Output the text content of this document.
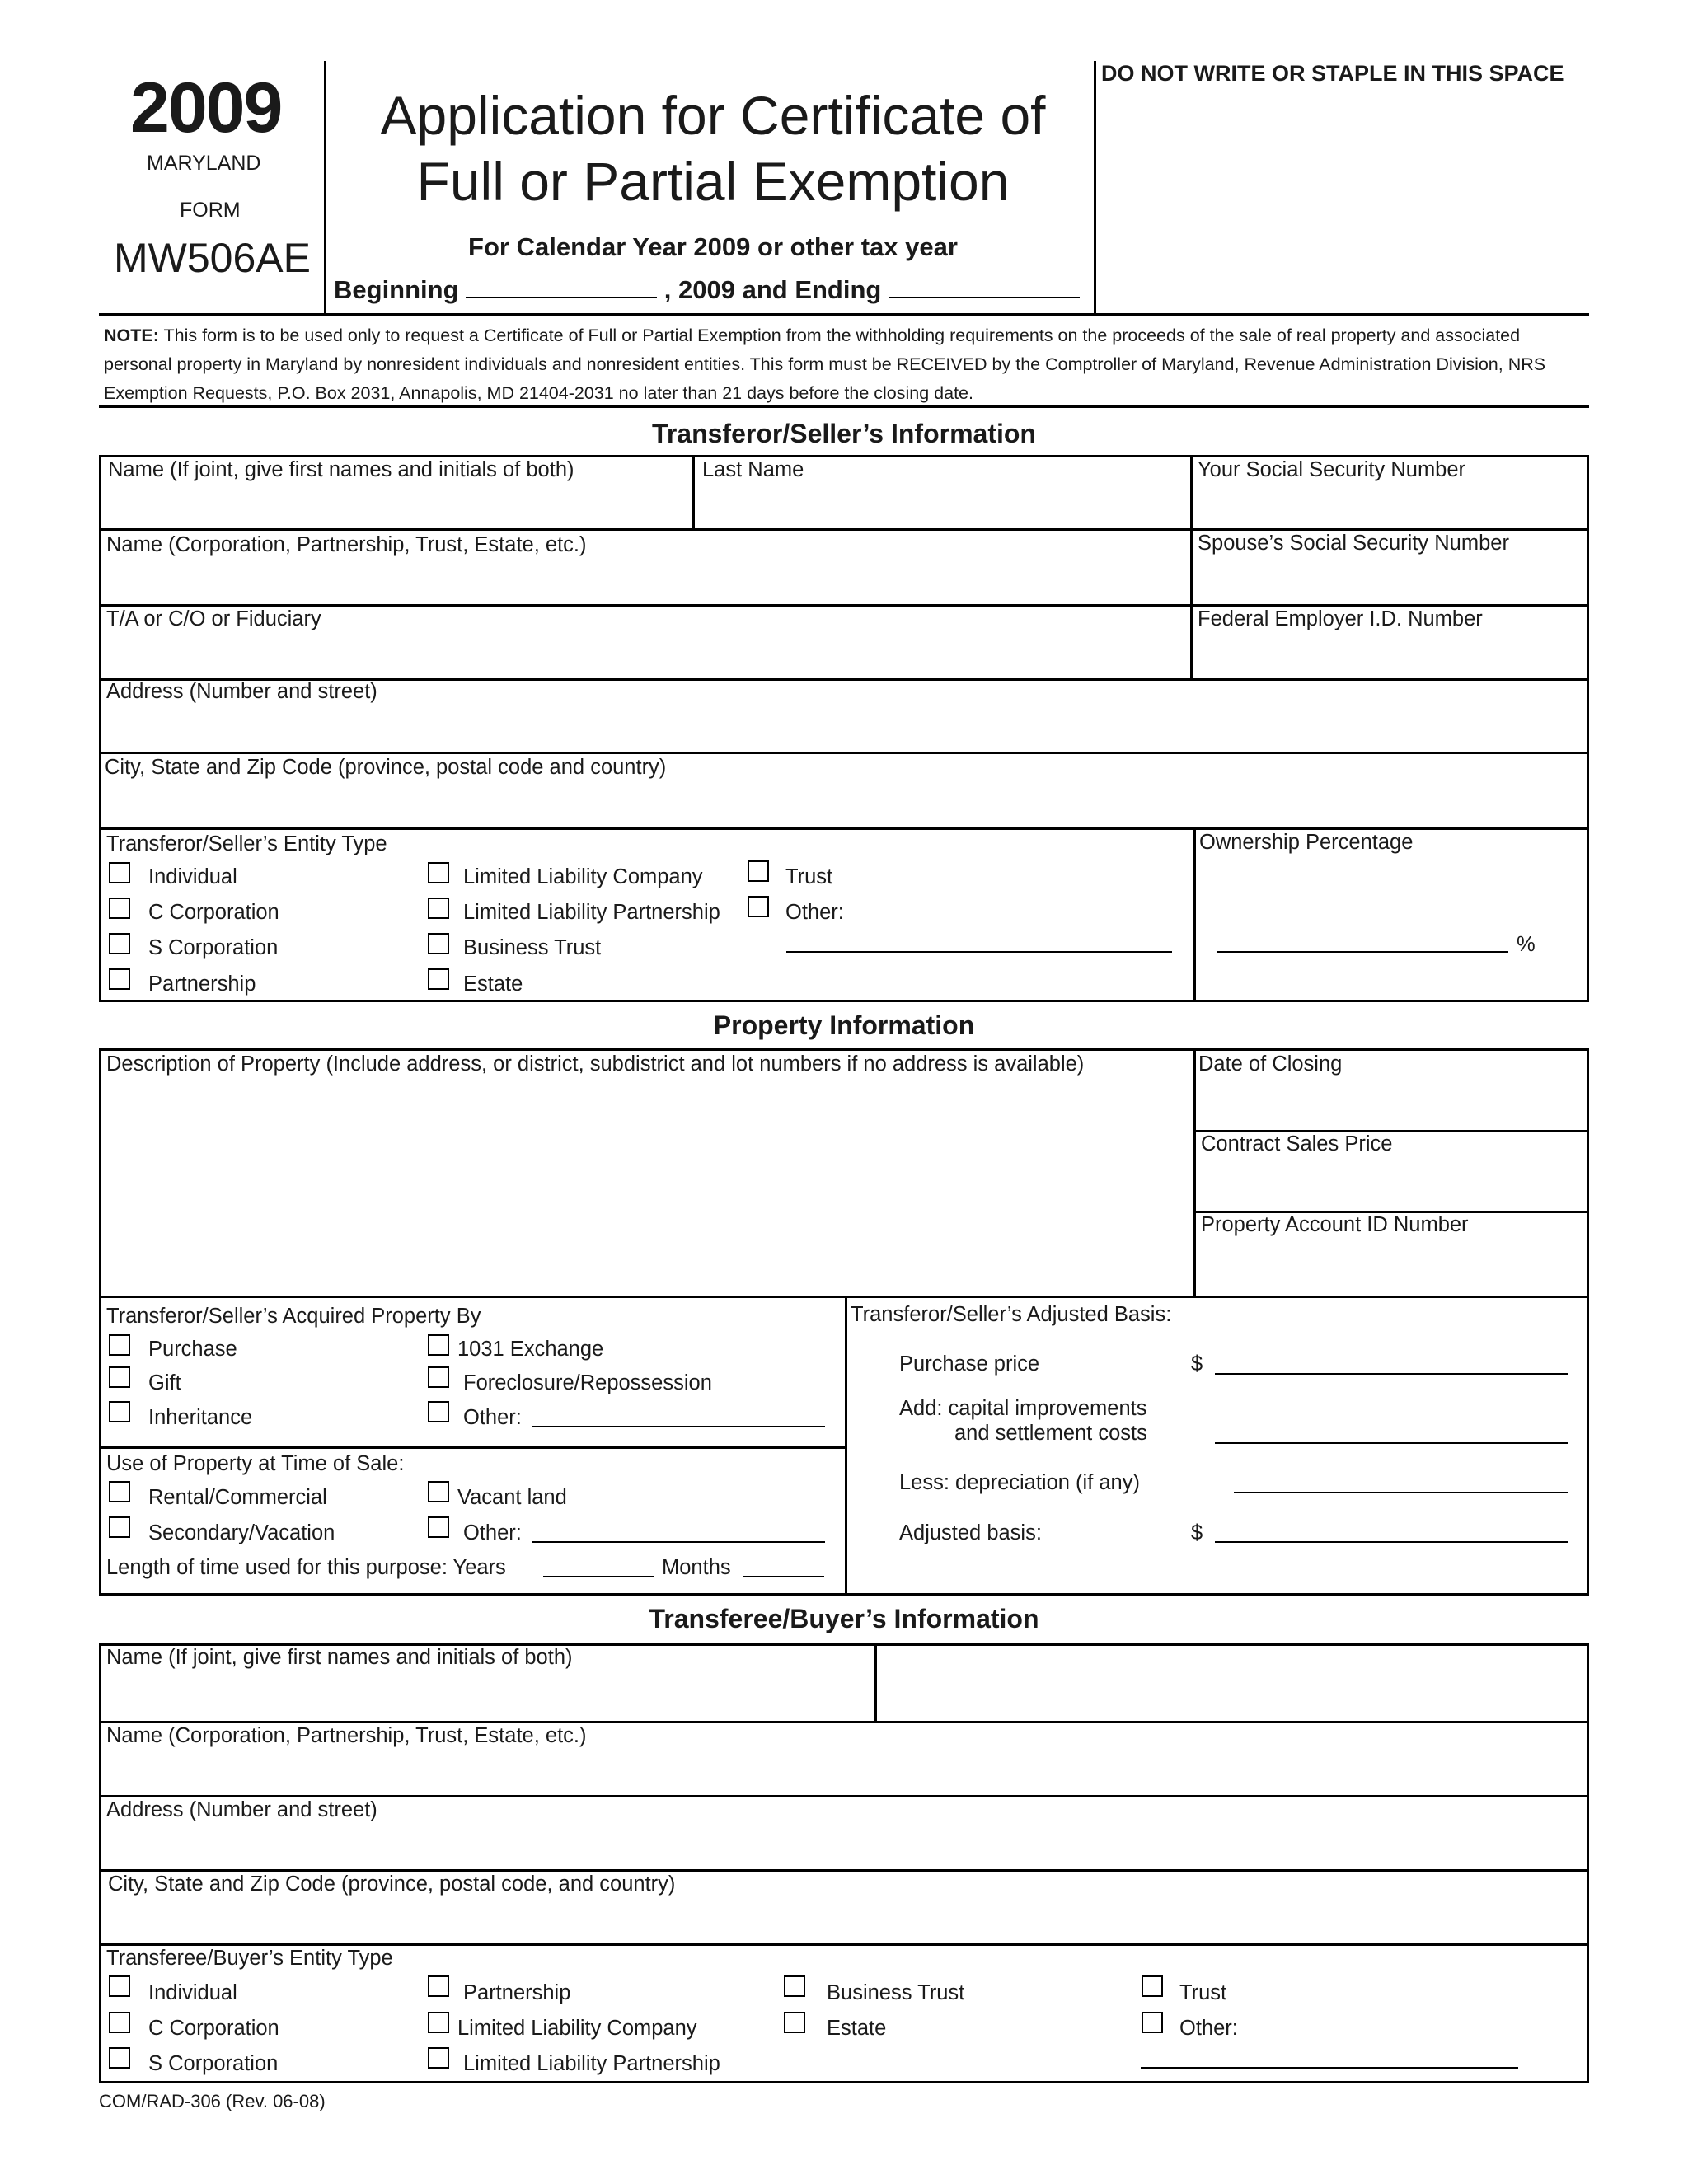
2009
MARYLAND
FORM
MW506AE
Application for Certificate of
Full or Partial Exemption
For Calendar Year 2009 or other tax year
Beginning	, 2009 and Ending
DO NOT WRITE OR STAPLE IN THIS SPACE
NOTE: This form is to be used only to request a Certificate of Full or Partial Exemption from the withholding requirements on the proceeds of the sale of real property and associated personal property in Maryland by nonresident individuals and nonresident entities. This form must be RECEIVED by the Comptroller of Maryland, Revenue Administration Division, NRS Exemption Requests, P.O. Box 2031, Annapolis, MD 21404-2031 no later than 21 days before the closing date.
Transferor/Seller’s Information
Name (If joint, give first names and initials of both)	Last Name	Your Social Security Number
Name (Corporation, Partnership, Trust, Estate, etc.)	Spouse’s Social Security Number
T/A or C/O or Fiduciary	Federal Employer I.D. Number
Address (Number and street)
City, State and Zip Code (province, postal code and country)
Transferor/Seller’s Entity Type	Ownership Percentage
Individual
C Corporation
S Corporation
Partnership
Limited Liability Company
Limited Liability Partnership
Business Trust
Estate
Trust
Other:
%
Property Information
Description of Property (Include address, or district, subdistrict and lot numbers if no address is available)	Date of Closing
Contract Sales Price
Property Account ID Number
Transferor/Seller’s Acquired Property By
Purchase
Gift
Inheritance
1031 Exchange
Foreclosure/Repossession
Other:
Use of Property at Time of Sale:
Rental/Commercial
Secondary/Vacation
Vacant land
Other:
Length of time used for this purpose: Years	Months
Transferor/Seller’s Adjusted Basis:
Purchase price	$
Add: capital improvements
and settlement costs
Less: depreciation (if any)
Adjusted basis:	$
Transferee/Buyer’s Information
Name (If joint, give first names and initials of both)
Name (Corporation, Partnership, Trust, Estate, etc.)
Address (Number and street)
City, State and Zip Code (province, postal code, and country)
Transferee/Buyer’s Entity Type
Individual
C Corporation
S Corporation
Partnership
Limited Liability Company
Limited Liability Partnership
Business Trust
Estate
Trust
Other:
COM/RAD-306 (Rev. 06-08)
